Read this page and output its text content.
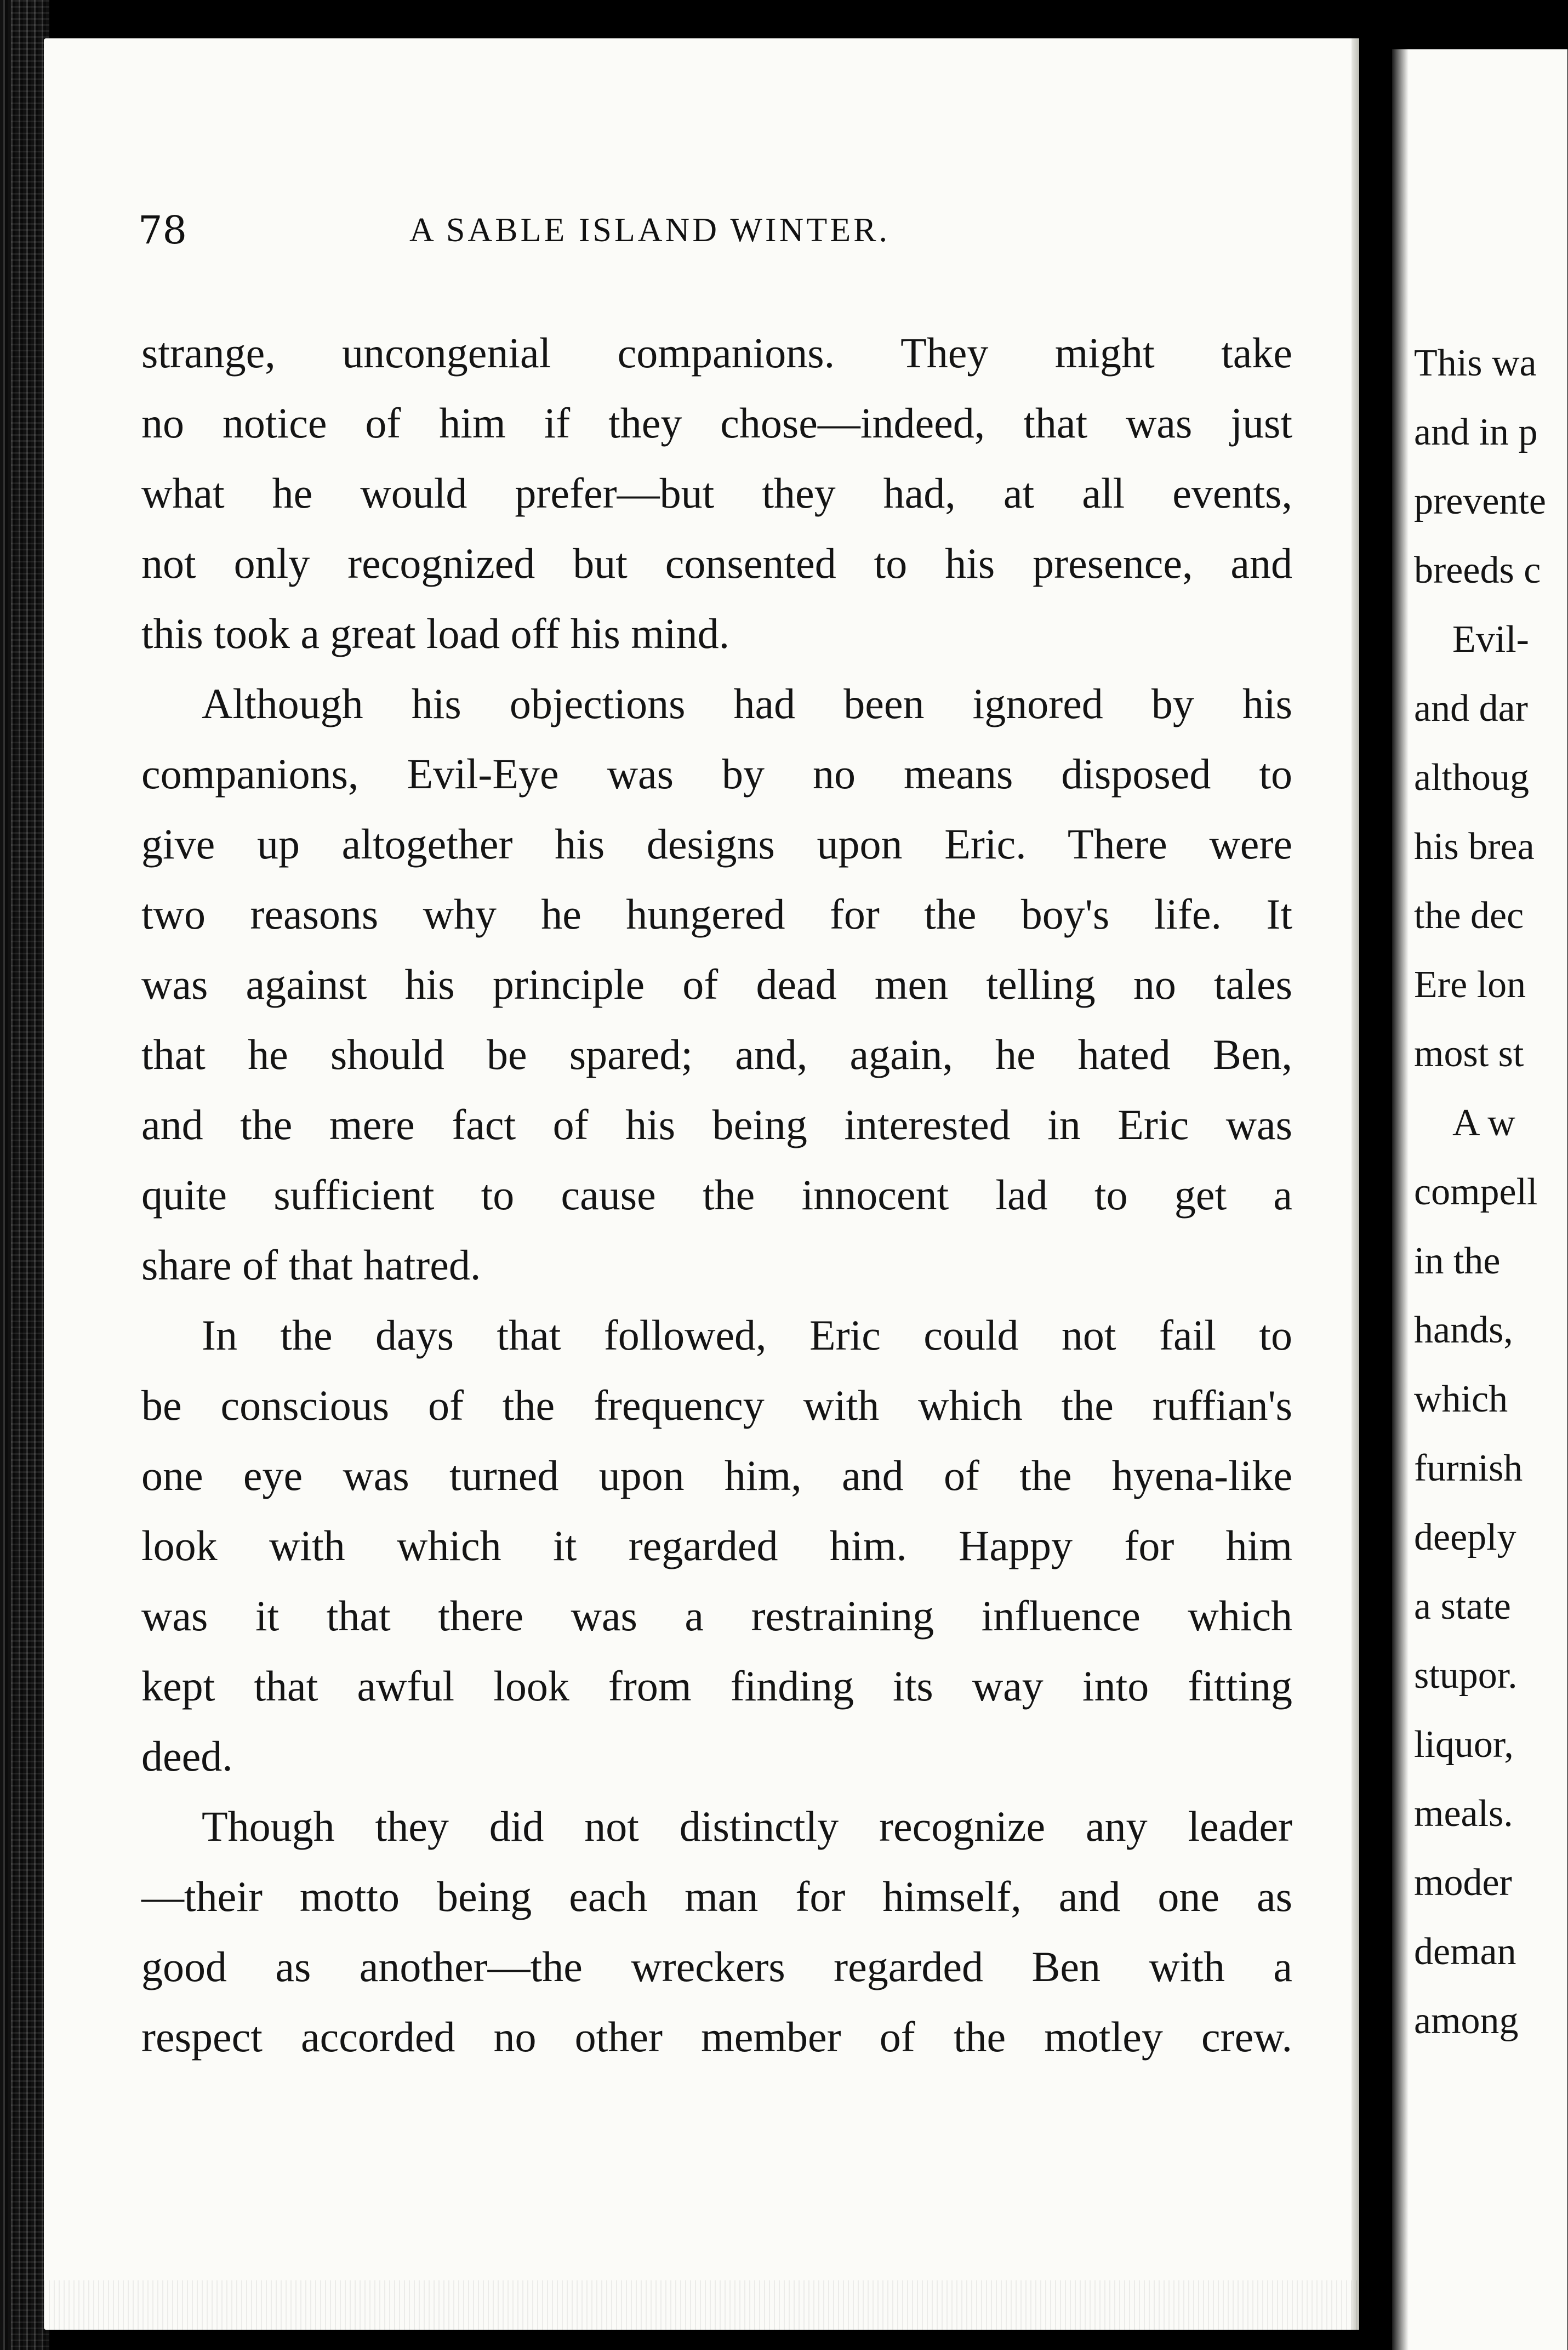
78	A SABLE ISLAND WINTER.
strange, uncongenial companions. They might take
no notice of him if they chose—indeed, that was just
what he would prefer—but they had, at all events,
not only recognized but consented to his presence, and
this took a great load off his mind.
Although his objections had been ignored by his
companions, Evil-Eye was by no means disposed to
give up altogether his designs upon Eric. There were
two reasons why he hungered for the boy's life. It
was against his principle of dead men telling no tales
that he should be spared; and, again, he hated Ben,
and the mere fact of his being interested in Eric was
quite sufficient to cause the innocent lad to get a
share of that hatred.
In the days that followed, Eric could not fail to
be conscious of the frequency with which the ruffian's
one eye was turned upon him, and of the hyena-like
look with which it regarded him. Happy for him
was it that there was a restraining influence which
kept that awful look from finding its way into fitting
deed.
Though they did not distinctly recognize any leader
—their motto being each man for himself, and one as
good as another—the wreckers regarded Ben with a
respect accorded no other member of the motley crew.
This wa
and in p
prevente
breeds c
Evil-
and dar
althoug
his brea
the dec
Ere lon
most st
A w
compell
in the
hands,
which
furnish
deeply
a state
stupor.
liquor,
meals.
moder
deman
among
